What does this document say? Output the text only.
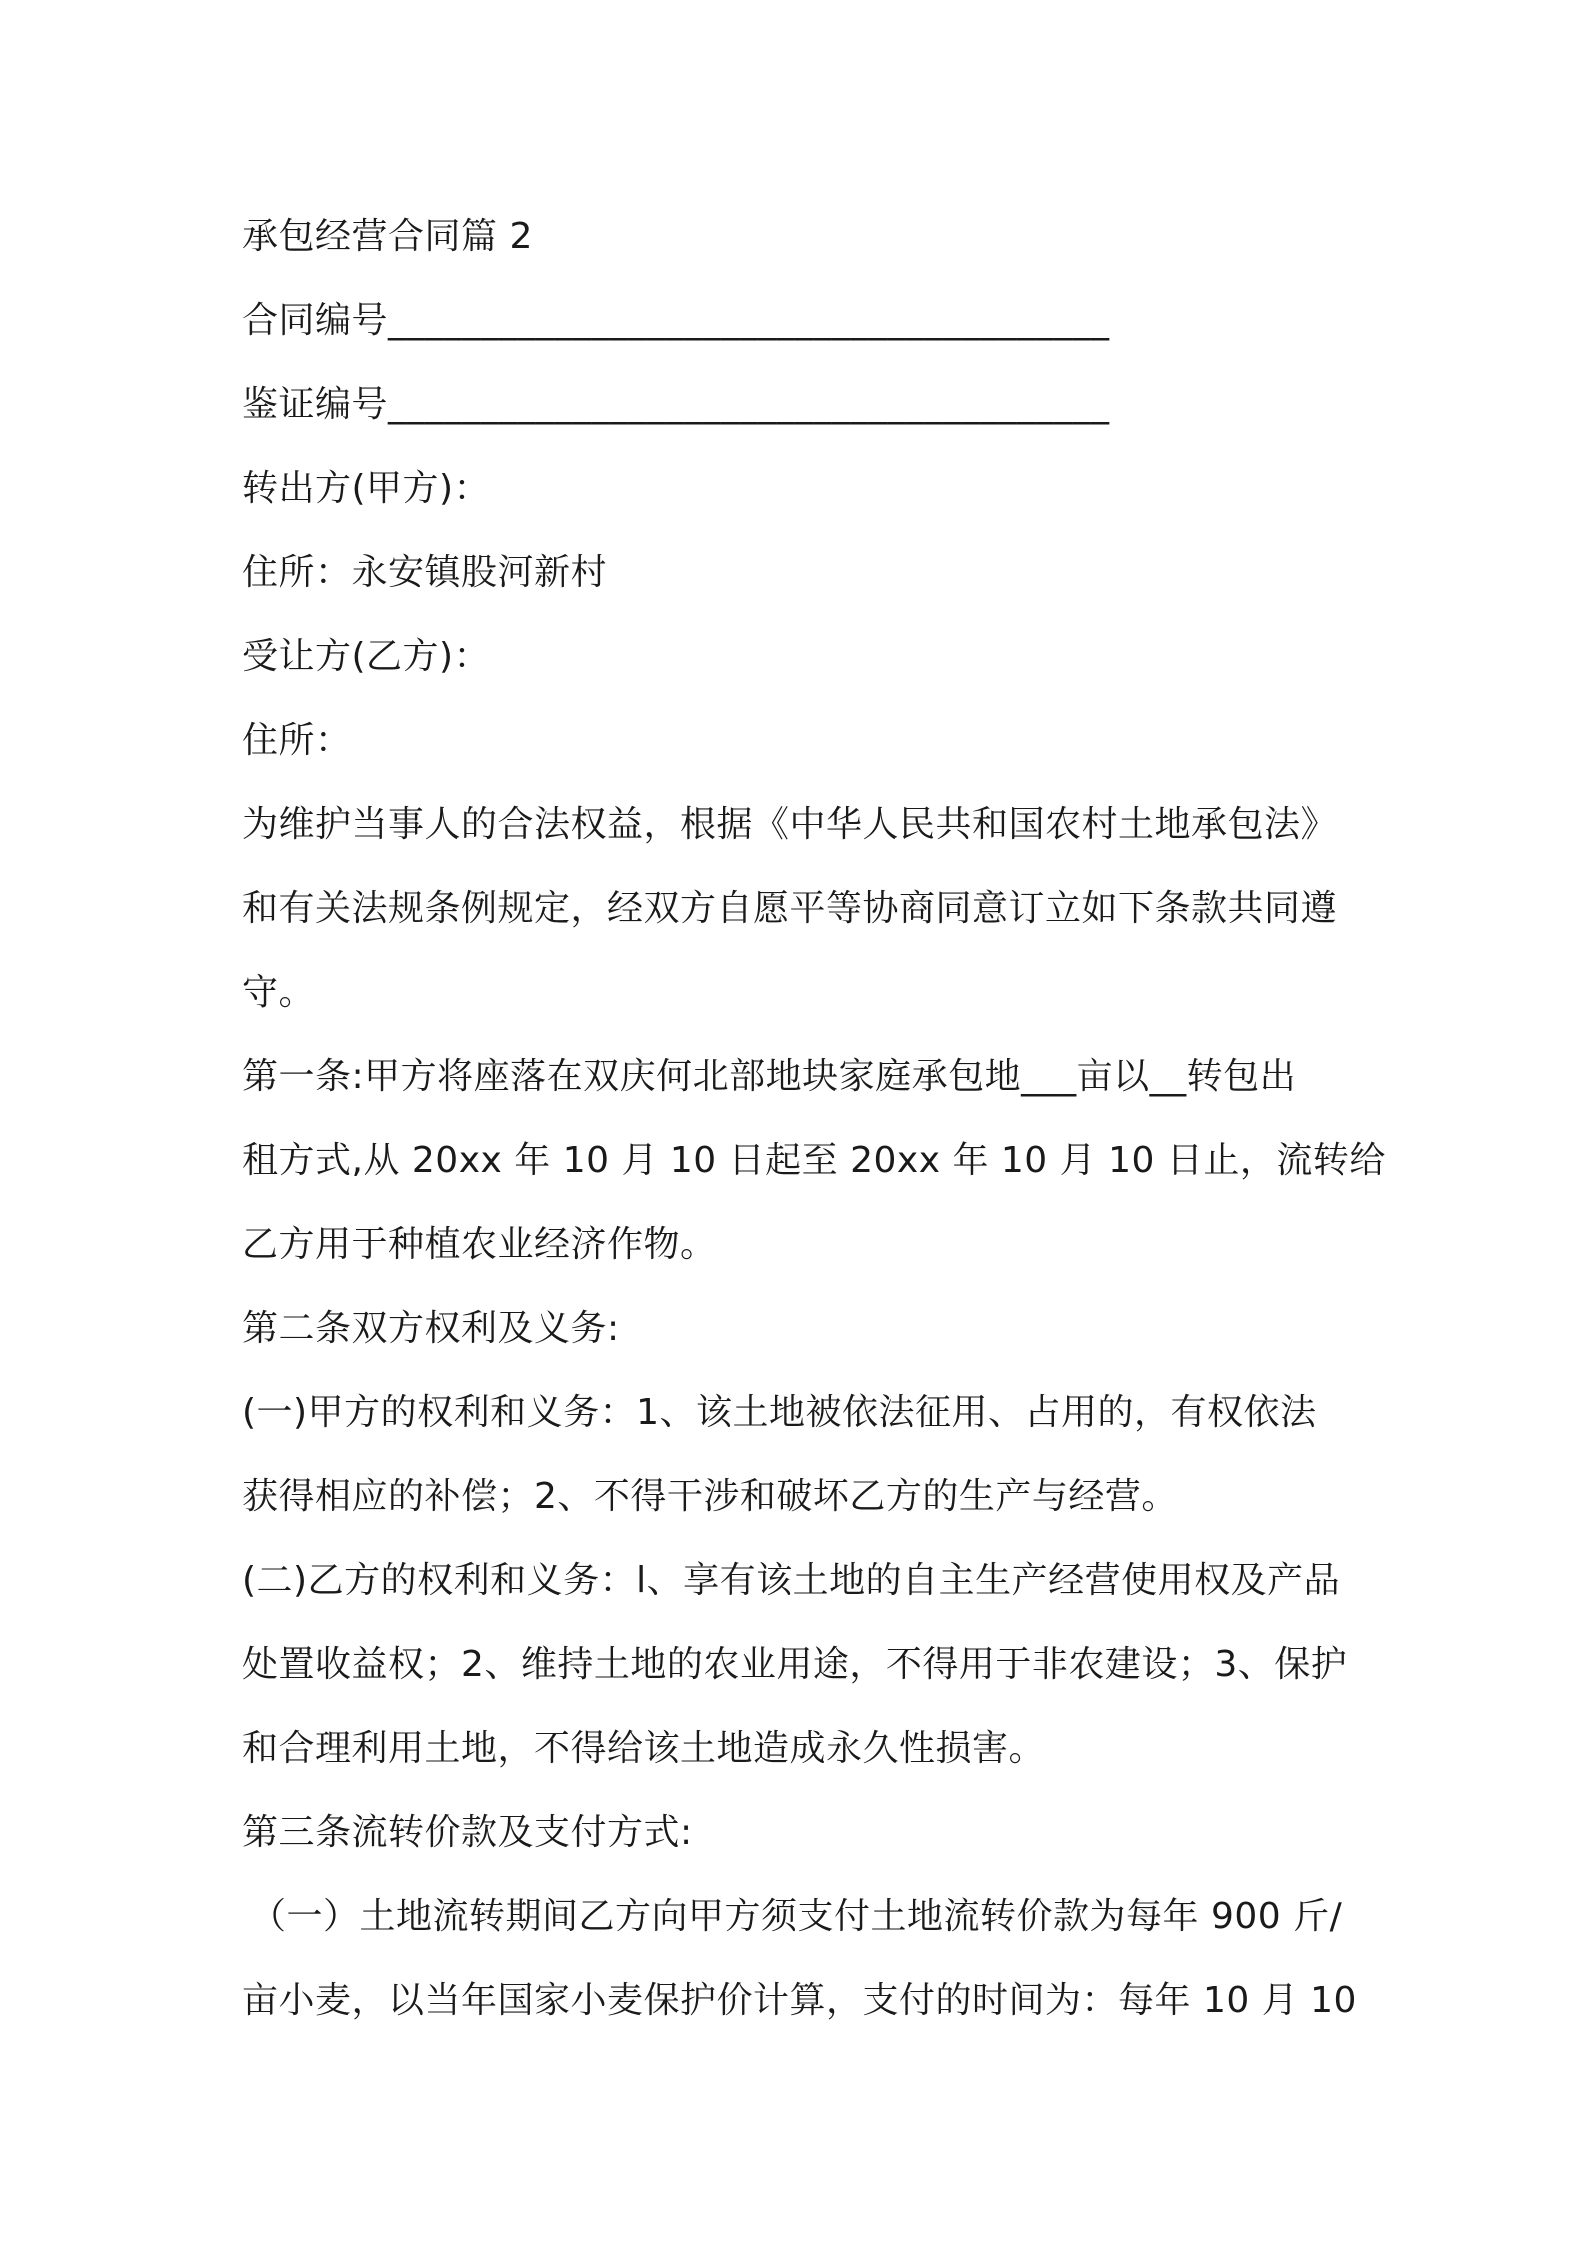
承包经营合同篇 2
合同编号_______________________________________
鉴证编号_______________________________________
转出方(甲方)：
住所：永安镇股河新村
受让方(乙方)：
住所：
为维护当事人的合法权益，根据《中华人民共和国农村土地承包法》
和有关法规条例规定，经双方自愿平等协商同意订立如下条款共同遵
守。
第一条:甲方将座落在双庆何北部地块家庭承包地___亩以__转包出
租方式,从 20xx 年 10 月 10 日起至 20xx 年 10 月 10 日止，流转给
乙方用于种植农业经济作物。
第二条双方权利及义务:
(一)甲方的权利和义务：1、该土地被依法征用、占用的，有权依法
获得相应的补偿；2、不得干涉和破坏乙方的生产与经营。
(二)乙方的权利和义务：l、享有该土地的自主生产经营使用权及产品
处置收益权；2、维持土地的农业用途，不得用于非农建设；3、保护
和合理利用土地，不得给该土地造成永久性损害。
第三条流转价款及支付方式:
（一）土地流转期间乙方向甲方须支付土地流转价款为每年 900 斤/
亩小麦，以当年国家小麦保护价计算，支付的时间为：每年 10 月 10
